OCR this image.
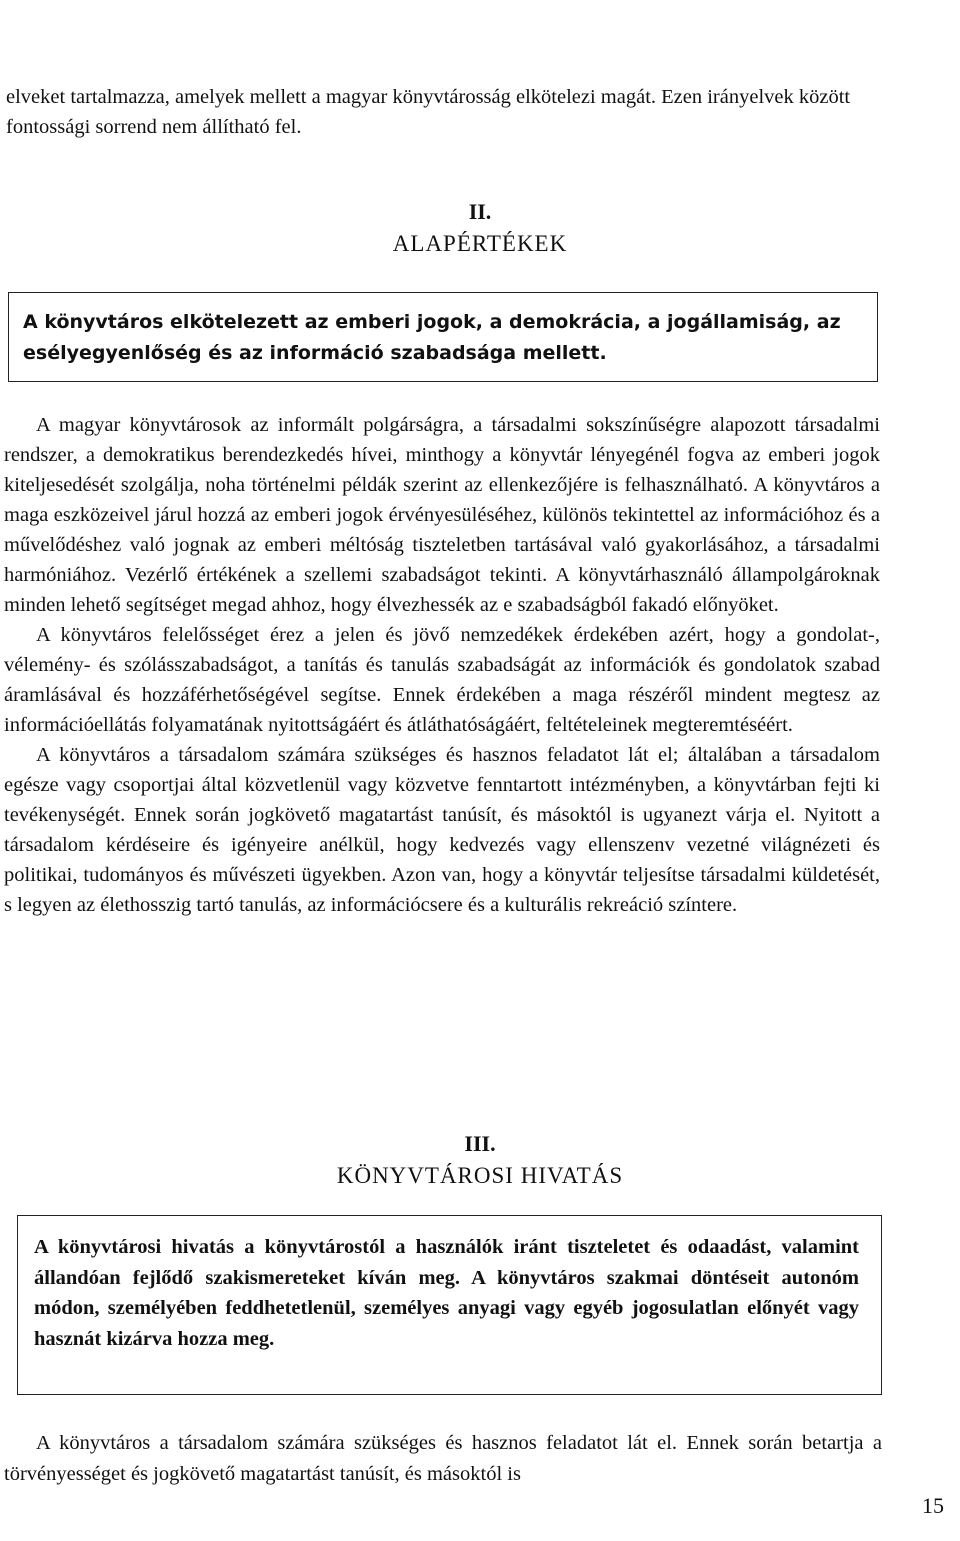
elveket tartalmazza, amelyek mellett a magyar könyvtárosság elkötelezi magát. Ezen irányelvek között fontossági sorrend nem állítható fel.
II.
ALAPÉRTÉKEK
A könyvtáros elkötelezett az emberi jogok, a demokrácia, a jogállamiság, az esélyegyenlőség és az információ szabadsága mellett.

A magyar könyvtárosok az informált polgárságra, a társadalmi sokszínűségre alapozott társadalmi rendszer, a demokratikus berendezkedés hívei, minthogy a könyvtár lényegénél fogva az emberi jogok kiteljesedését szolgálja, noha történelmi példák szerint az ellenkezőjére is felhasználható. A könyvtáros a maga eszközeivel járul hozzá az emberi jogok érvényesüléséhez, különös tekintettel az információhoz és a művelődéshez való jognak az emberi méltóság tiszteletben tartásával való gyakorlásához, a társadalmi harmóniához. Vezérlő értékének a szellemi szabadságot tekinti. A könyvtárhasználó állampolgároknak minden lehető segítséget megad ahhoz, hogy élvezhessék az e szabadságból fakadó előnyöket.

A könyvtáros felelősséget érez a jelen és jövő nemzedékek érdekében azért, hogy a gondolat-, vélemény- és szólásszabadságot, a tanítás és tanulás szabadságát az információk és gondolatok szabad áramlásával és hozzáférhetőségével segítse. Ennek érdekében a maga részéről mindent megtesz az információellátás folyamatának nyitottságáért és átláthatóságáért, feltételeinek megteremtéséért.

A könyvtáros a társadalom számára szükséges és hasznos feladatot lát el; általában a társadalom egésze vagy csoportjai által közvetlenül vagy közvetve fenntartott intézményben, a könyvtárban fejti ki tevékenységét. Ennek során jogkövető magatartást tanúsít, és másoktól is ugyanezt várja el. Nyitott a társadalom kérdéseire és igényeire anélkül, hogy kedvezés vagy ellenszenv vezetné világnézeti és politikai, tudományos és művészeti ügyekben. Azon van, hogy a könyvtár teljesítse társadalmi küldetését, s legyen az élethosszig tartó tanulás, az információcsere és a kulturális rekreáció színtere.

III.
KÖNYVTÁROSI HIVATÁS
A könyvtárosi hivatás a könyvtárostól a használók iránt tiszteletet és odaadást, valamint állandóan fejlődő szakismereteket kíván meg. A könyvtáros szakmai döntéseit autonóm módon, személyében feddhetetlenül, személyes anyagi vagy egyéb jogosulatlan előnyét vagy hasznát kizárva hozza meg.

A könyvtáros a társadalom számára szükséges és hasznos feladatot lát el. Ennek során betartja a törvényességet és jogkövető magatartást tanúsít, és másoktól is

15
